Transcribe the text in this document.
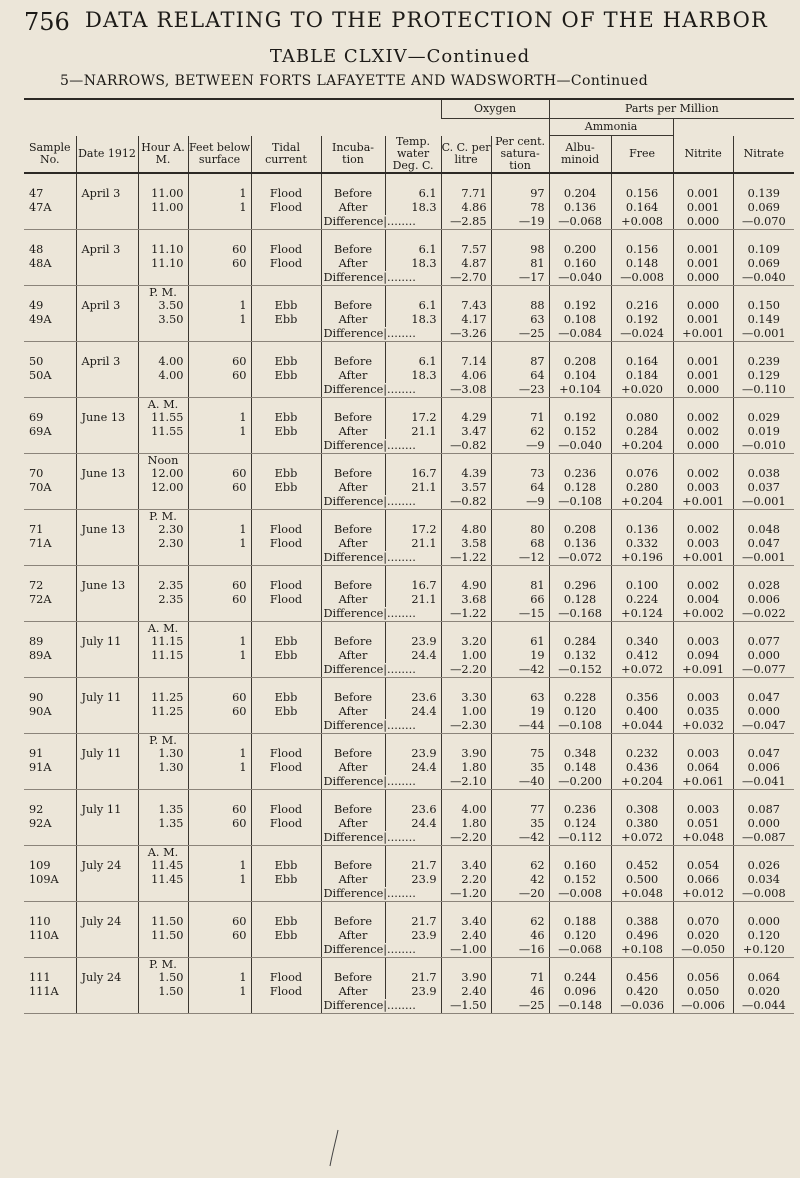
756 DATA RELATING TO THE PROTECTION OF THE HARBOR
TABLE CLXIV—Continued
5—NARROWS, BETWEEN FORTS LAFAYETTE AND WADSWORTH—Continued
							Oxygen		Parts per Million			
									Ammonia			
Sample No.	Date 1912	Hour A. M.	Feet below surface	Tidal current	Incuba- tion	Temp. water Deg. C.	C. C. per litre	Per cent. satura- tion	Albu- minoid	Free	Nitrite	Nitrate

47	April 3	11.00	1	Flood	Before	6.1	7.71	97	0.204	0.156	0.001	0.139
47A		11.00	1	Flood	After	18.3	4.86	78	0.136	0.164	0.001	0.069
					Difference|........		—2.85	—19	—0.068	+0.008	0.000	—0.070

48	April 3	11.10	60	Flood	Before	6.1	7.57	98	0.200	0.156	0.001	0.109
48A		11.10	60	Flood	After	18.3	4.87	81	0.160	0.148	0.001	0.069
					Difference|........		—2.70	—17	—0.040	—0.008	0.000	—0.040
		P. M.										
49	April 3	3.50	1	Ebb	Before	6.1	7.43	88	0.192	0.216	0.000	0.150
49A		3.50	1	Ebb	After	18.3	4.17	63	0.108	0.192	0.001	0.149
					Difference|........		—3.26	—25	—0.084	—0.024	+0.001	—0.001

50	April 3	4.00	60	Ebb	Before	6.1	7.14	87	0.208	0.164	0.001	0.239
50A		4.00	60	Ebb	After	18.3	4.06	64	0.104	0.184	0.001	0.129
					Difference|........		—3.08	—23	+0.104	+0.020	0.000	—0.110
		A. M.										
69	June 13	11.55	1	Ebb	Before	17.2	4.29	71	0.192	0.080	0.002	0.029
69A		11.55	1	Ebb	After	21.1	3.47	62	0.152	0.284	0.002	0.019
					Difference|........		—0.82	—9	—0.040	+0.204	0.000	—0.010
		Noon										
70	June 13	12.00	60	Ebb	Before	16.7	4.39	73	0.236	0.076	0.002	0.038
70A		12.00	60	Ebb	After	21.1	3.57	64	0.128	0.280	0.003	0.037
					Difference|........		—0.82	—9	—0.108	+0.204	+0.001	—0.001
		P. M.										
71	June 13	2.30	1	Flood	Before	17.2	4.80	80	0.208	0.136	0.002	0.048
71A		2.30	1	Flood	After	21.1	3.58	68	0.136	0.332	0.003	0.047
					Difference|........		—1.22	—12	—0.072	+0.196	+0.001	—0.001

72	June 13	2.35	60	Flood	Before	16.7	4.90	81	0.296	0.100	0.002	0.028
72A		2.35	60	Flood	After	21.1	3.68	66	0.128	0.224	0.004	0.006
					Difference|........		—1.22	—15	—0.168	+0.124	+0.002	—0.022
		A. M.										
89	July 11	11.15	1	Ebb	Before	23.9	3.20	61	0.284	0.340	0.003	0.077
89A		11.15	1	Ebb	After	24.4	1.00	19	0.132	0.412	0.094	0.000
					Difference|........		—2.20	—42	—0.152	+0.072	+0.091	—0.077

90	July 11	11.25	60	Ebb	Before	23.6	3.30	63	0.228	0.356	0.003	0.047
90A		11.25	60	Ebb	After	24.4	1.00	19	0.120	0.400	0.035	0.000
					Difference|........		—2.30	—44	—0.108	+0.044	+0.032	—0.047
		P. M.										
91	July 11	1.30	1	Flood	Before	23.9	3.90	75	0.348	0.232	0.003	0.047
91A		1.30	1	Flood	After	24.4	1.80	35	0.148	0.436	0.064	0.006
					Difference|........		—2.10	—40	—0.200	+0.204	+0.061	—0.041

92	July 11	1.35	60	Flood	Before	23.6	4.00	77	0.236	0.308	0.003	0.087
92A		1.35	60	Flood	After	24.4	1.80	35	0.124	0.380	0.051	0.000
					Difference|........		—2.20	—42	—0.112	+0.072	+0.048	—0.087
		A. M.										
109	July 24	11.45	1	Ebb	Before	21.7	3.40	62	0.160	0.452	0.054	0.026
109A		11.45	1	Ebb	After	23.9	2.20	42	0.152	0.500	0.066	0.034
					Difference|........		—1.20	—20	—0.008	+0.048	+0.012	—0.008

110	July 24	11.50	60	Ebb	Before	21.7	3.40	62	0.188	0.388	0.070	0.000
110A		11.50	60	Ebb	After	23.9	2.40	46	0.120	0.496	0.020	0.120
					Difference|........		—1.00	—16	—0.068	+0.108	—0.050	+0.120
		P. M.										
111	July 24	1.50	1	Flood	Before	21.7	3.90	71	0.244	0.456	0.056	0.064
111A		1.50	1	Flood	After	23.9	2.40	46	0.096	0.420	0.050	0.020
					Difference|........		—1.50	—25	—0.148	—0.036	—0.006	—0.044
